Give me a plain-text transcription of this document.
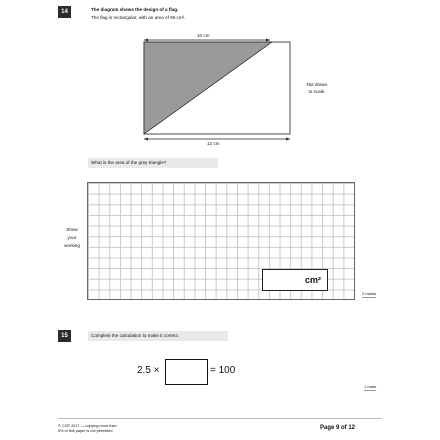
14	The diagram shows the design of a flag.
The flag is rectangular, with an area of 96 cm².
10 cm
12 cm
Not drawn
to scale.
What is the area of the grey triangle?
Show
your
working
cm²
2 marks
15	Complete the calculation to make it correct.
2.5 ×	= 100
1 mark
© CGP 2017 — copying more than
5% of this paper is not permitted	Page 9 of 12
